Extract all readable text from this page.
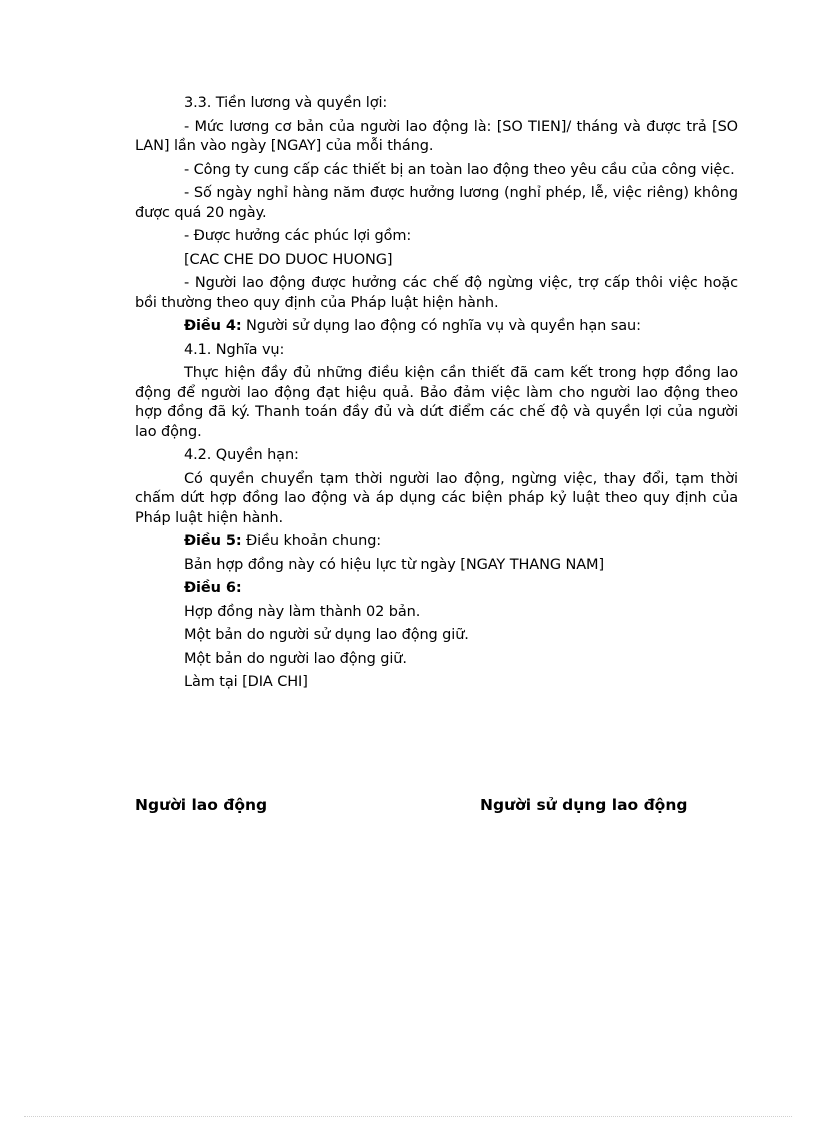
3.3. Tiền lương và quyền lợi:

- Mức lương cơ bản của người lao động là: [SO TIEN]/ tháng và được trả [SO LAN] lần vào ngày [NGAY] của mỗi tháng.

- Công ty cung cấp các thiết bị an toàn lao động theo yêu cầu của công việc.

- Số ngày nghỉ hàng năm được hưởng lương (nghỉ phép, lễ, việc riêng) không được quá 20 ngày.

- Được hưởng các phúc lợi gồm:

[CAC CHE DO DUOC HUONG]

- Người lao động được hưởng các chế độ ngừng việc, trợ cấp thôi việc hoặc bồi thường theo quy định của Pháp luật hiện hành.

Điều 4: Người sử dụng lao động có nghĩa vụ và quyền hạn sau:

4.1. Nghĩa vụ:

Thực hiện đầy đủ những điều kiện cần thiết đã cam kết trong hợp đồng lao động để người lao động đạt hiệu quả. Bảo đảm việc làm cho người lao động theo hợp đồng đã ký. Thanh toán đầy đủ và dứt điểm các chế độ và quyền lợi của người lao động.

4.2. Quyền hạn:

Có quyền chuyển tạm thời người lao động, ngừng việc, thay đổi, tạm thời chấm dứt hợp đồng lao động và áp dụng các biện pháp kỷ luật theo quy định của Pháp luật hiện hành.

Điều 5: Điều khoản chung:

Bản hợp đồng này có hiệu lực từ ngày [NGAY THANG NAM]

Điều 6:

Hợp đồng này làm thành 02 bản.

Một bản do người sử dụng lao động giữ.

Một bản do người lao động giữ.

Làm tại [DIA CHI]

Người lao động	Người sử dụng lao động
